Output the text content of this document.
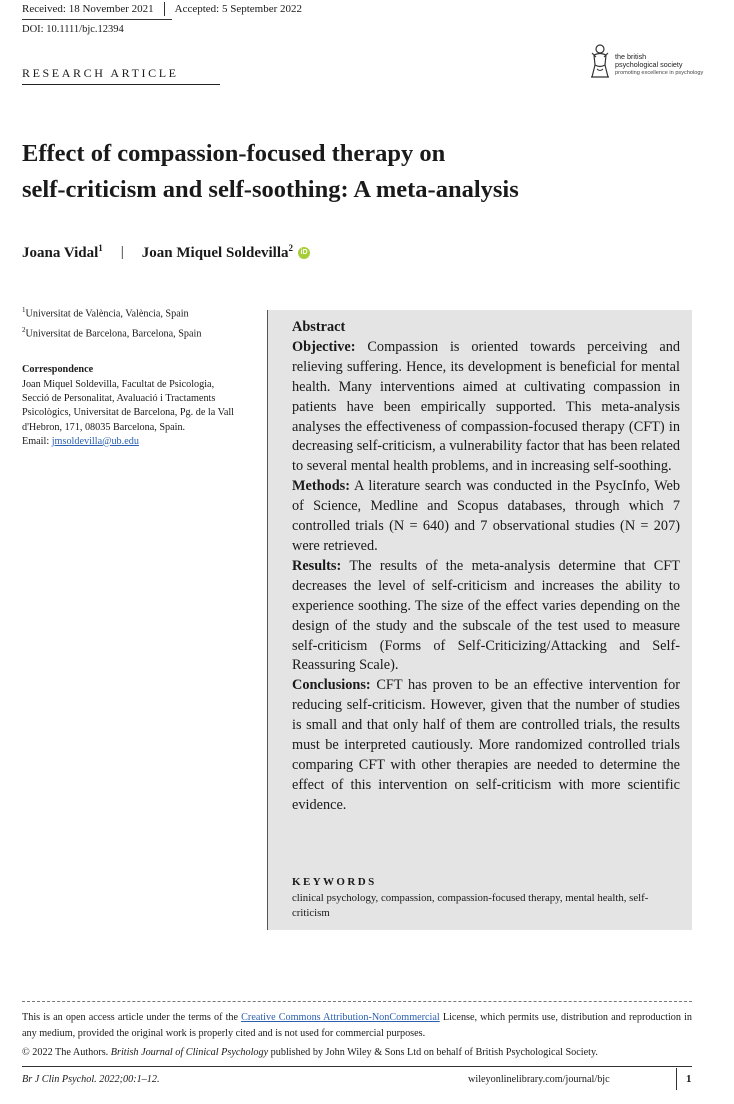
Received: 18 November 2021 Accepted: 5 September 2022
DOI: 10.1111/bjc.12394
the british
psychological society
promoting excellence in psychology
RESEARCH ARTICLE
Effect of compassion-focused therapy on
self-criticism and self-soothing: A meta-analysis
Joana Vidal$^1$ | Joan Miquel Soldevilla$^2$	iD
$^1$Universitat de València, València, Spain
$^2$Universitat de Barcelona, Barcelona, Spain
Correspondence
Joan Miquel Soldevilla, Facultat de Psicologia,
Secció de Personalitat, Avaluació i Tractaments
Psicològics, Universitat de Barcelona, Pg. de la Vall
d'Hebron, 171, 08035 Barcelona, Spain.
Email: jmsoldevilla@ub.edu

Abstract

Objective: Compassion is oriented towards perceiving and relieving suffering. Hence, its development is beneficial for mental health. Many interventions aimed at cultivating compassion in patients have been empirically supported. This meta-analysis analyses the effectiveness of compassion-focused therapy (CFT) in decreasing self-criticism, a vulnerability factor that has been related to several mental health problems, and in increasing self-soothing.

Methods: A literature search was conducted in the PsycInfo, Web of Science, Medline and Scopus databases, through which 7 controlled trials (N = 640) and 7 observational studies (N = 207) were retrieved.

Results: The results of the meta-analysis determine that CFT decreases the level of self-criticism and increases the ability to experience soothing. The size of the effect varies depending on the design of the study and the subscale of the test used to measure self-criticism (Forms of Self-Criticizing/Attacking and Self-Reassuring Scale).

Conclusions: CFT has proven to be an effective intervention for reducing self-criticism. However, given that the number of studies is small and that only half of them are controlled trials, the results must be interpreted cautiously. More randomized controlled trials comparing CFT with other therapies are needed to determine the effect of this intervention on self-criticism with more scientific evidence.

KEYWORDS
clinical psychology, compassion, compassion-focused therapy, mental health, self-criticism
This is an open access article under the terms of the Creative Commons Attribution-NonCommercial License, which permits use, distribution and reproduction in any medium, provided the original work is properly cited and is not used for commercial purposes.
© 2022 The Authors. British Journal of Clinical Psychology published by John Wiley & Sons Ltd on behalf of British Psychological Society.
Br J Clin Psychol. 2022;00:1–12.	wileyonlinelibrary.com/journal/bjc	1
